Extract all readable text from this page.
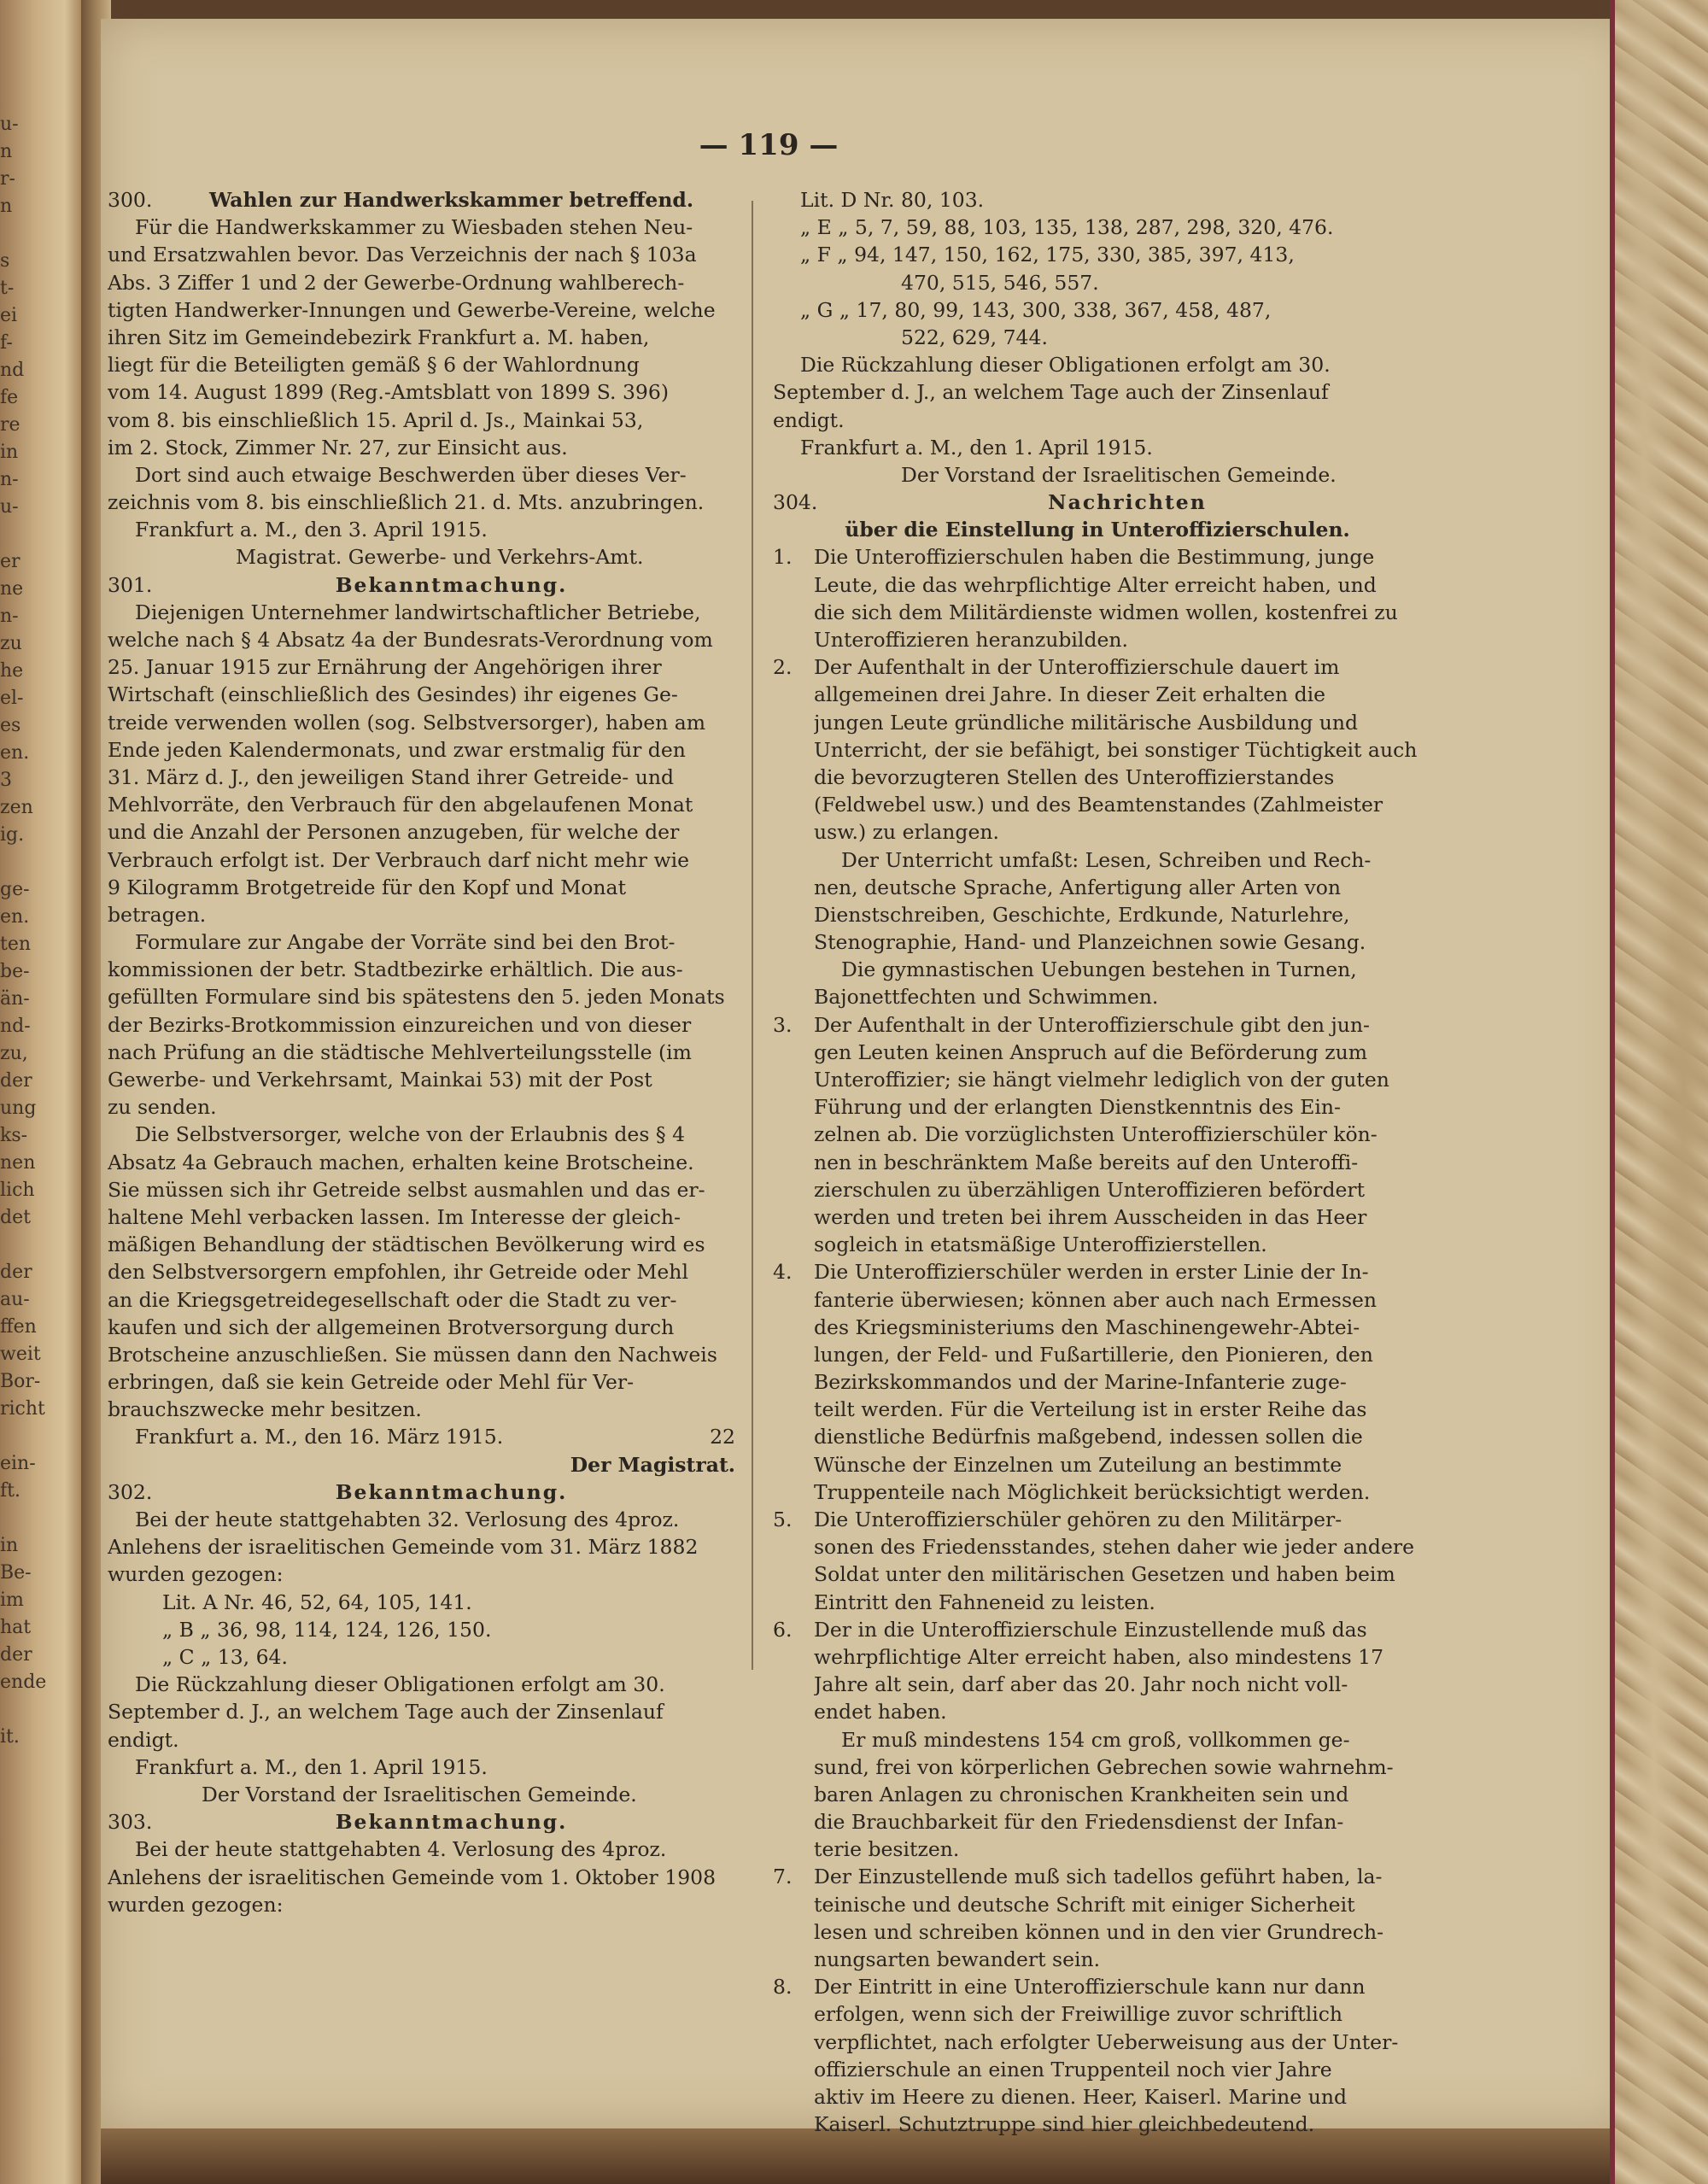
u-
n
r-
n
s
t-
ei
f-
nd
fe
re
in
n-
u-
er
ne
n-
zu
he
el-
es
en.
3
zen
ig.
ge-
en.
ten
be-
än-
nd-
zu,
der
ung
ks-
nen
lich
det
der
au-
ffen
weit
Bor-
richt
ein-
ft.
in
Be-
im
hat
der
ende
it.
— 119 —
300.	Wahlen zur Handwerkskammer betreffend.
Für die Handwerkskammer zu Wiesbaden stehen Neu-
und Ersatzwahlen bevor. Das Verzeichnis der nach § 103a
Abs. 3 Ziffer 1 und 2 der Gewerbe-Ordnung wahlberech-
tigten Handwerker-Innungen und Gewerbe-Vereine, welche
ihren Sitz im Gemeindebezirk Frankfurt a. M. haben,
liegt für die Beteiligten gemäß § 6 der Wahlordnung
vom 14. August 1899 (Reg.-Amtsblatt von 1899 S. 396)
vom 8. bis einschließlich 15. April d. Js., Mainkai 53,
im 2. Stock, Zimmer Nr. 27, zur Einsicht aus.
Dort sind auch etwaige Beschwerden über dieses Ver-
zeichnis vom 8. bis einschließlich 21. d. Mts. anzubringen.
Frankfurt a. M., den 3. April 1915.
Magistrat. Gewerbe- und Verkehrs-Amt.
301.	Bekanntmachung.
Diejenigen Unternehmer landwirtschaftlicher Betriebe,
welche nach § 4 Absatz 4a der Bundesrats-Verordnung vom
25. Januar 1915 zur Ernährung der Angehörigen ihrer
Wirtschaft (einschließlich des Gesindes) ihr eigenes Ge-
treide verwenden wollen (sog. Selbstversorger), haben am
Ende jeden Kalendermonats, und zwar erstmalig für den
31. März d. J., den jeweiligen Stand ihrer Getreide- und
Mehlvorräte, den Verbrauch für den abgelaufenen Monat
und die Anzahl der Personen anzugeben, für welche der
Verbrauch erfolgt ist. Der Verbrauch darf nicht mehr wie
9 Kilogramm Brotgetreide für den Kopf und Monat
betragen.
Formulare zur Angabe der Vorräte sind bei den Brot-
kommissionen der betr. Stadtbezirke erhältlich. Die aus-
gefüllten Formulare sind bis spätestens den 5. jeden Monats
der Bezirks-Brotkommission einzureichen und von dieser
nach Prüfung an die städtische Mehlverteilungsstelle (im
Gewerbe- und Verkehrsamt, Mainkai 53) mit der Post
zu senden.
Die Selbstversorger, welche von der Erlaubnis des § 4
Absatz 4a Gebrauch machen, erhalten keine Brotscheine.
Sie müssen sich ihr Getreide selbst ausmahlen und das er-
haltene Mehl verbacken lassen. Im Interesse der gleich-
mäßigen Behandlung der städtischen Bevölkerung wird es
den Selbstversorgern empfohlen, ihr Getreide oder Mehl
an die Kriegsgetreidegesellschaft oder die Stadt zu ver-
kaufen und sich der allgemeinen Brotversorgung durch
Brotscheine anzuschließen. Sie müssen dann den Nachweis
erbringen, daß sie kein Getreide oder Mehl für Ver-
brauchszwecke mehr besitzen.
Frankfurt a. M., den 16. März 1915.	22
Der Magistrat.
302.	Bekanntmachung.
Bei der heute stattgehabten 32. Verlosung des 4proz.
Anlehens der israelitischen Gemeinde vom 31. März 1882
wurden gezogen:
Lit. A Nr. 46, 52, 64, 105, 141.
„ B „ 36, 98, 114, 124, 126, 150.
„ C „ 13, 64.
Die Rückzahlung dieser Obligationen erfolgt am 30.
September d. J., an welchem Tage auch der Zinsenlauf
endigt.
Frankfurt a. M., den 1. April 1915.
Der Vorstand der Israelitischen Gemeinde.
303.	Bekanntmachung.
Bei der heute stattgehabten 4. Verlosung des 4proz.
Anlehens der israelitischen Gemeinde vom 1. Oktober 1908
wurden gezogen:
Lit. D Nr. 80, 103.
„ E „ 5, 7, 59, 88, 103, 135, 138, 287, 298, 320, 476.
„ F „ 94, 147, 150, 162, 175, 330, 385, 397, 413,
470, 515, 546, 557.
„ G „ 17, 80, 99, 143, 300, 338, 367, 458, 487,
522, 629, 744.
Die Rückzahlung dieser Obligationen erfolgt am 30.
September d. J., an welchem Tage auch der Zinsenlauf
endigt.
Frankfurt a. M., den 1. April 1915.
Der Vorstand der Israelitischen Gemeinde.
304.	Nachrichten
über die Einstellung in Unteroffizierschulen.
1.	Die Unteroffizierschulen haben die Bestimmung, junge
Leute, die das wehrpflichtige Alter erreicht haben, und
die sich dem Militärdienste widmen wollen, kostenfrei zu
Unteroffizieren heranzubilden.
2.	Der Aufenthalt in der Unteroffizierschule dauert im
allgemeinen drei Jahre. In dieser Zeit erhalten die
jungen Leute gründliche militärische Ausbildung und
Unterricht, der sie befähigt, bei sonstiger Tüchtigkeit auch
die bevorzugteren Stellen des Unteroffizierstandes
(Feldwebel usw.) und des Beamtenstandes (Zahlmeister
usw.) zu erlangen.
Der Unterricht umfaßt: Lesen, Schreiben und Rech-
nen, deutsche Sprache, Anfertigung aller Arten von
Dienstschreiben, Geschichte, Erdkunde, Naturlehre,
Stenographie, Hand- und Planzeichnen sowie Gesang.
Die gymnastischen Uebungen bestehen in Turnen,
Bajonettfechten und Schwimmen.
3.	Der Aufenthalt in der Unteroffizierschule gibt den jun-
gen Leuten keinen Anspruch auf die Beförderung zum
Unteroffizier; sie hängt vielmehr lediglich von der guten
Führung und der erlangten Dienstkenntnis des Ein-
zelnen ab. Die vorzüglichsten Unteroffizierschüler kön-
nen in beschränktem Maße bereits auf den Unteroffi-
zierschulen zu überzähligen Unteroffizieren befördert
werden und treten bei ihrem Ausscheiden in das Heer
sogleich in etatsmäßige Unteroffizierstellen.
4.	Die Unteroffizierschüler werden in erster Linie der In-
fanterie überwiesen; können aber auch nach Ermessen
des Kriegsministeriums den Maschinengewehr-Abtei-
lungen, der Feld- und Fußartillerie, den Pionieren, den
Bezirkskommandos und der Marine-Infanterie zuge-
teilt werden. Für die Verteilung ist in erster Reihe das
dienstliche Bedürfnis maßgebend, indessen sollen die
Wünsche der Einzelnen um Zuteilung an bestimmte
Truppenteile nach Möglichkeit berücksichtigt werden.
5.	Die Unteroffizierschüler gehören zu den Militärper-
sonen des Friedensstandes, stehen daher wie jeder andere
Soldat unter den militärischen Gesetzen und haben beim
Eintritt den Fahneneid zu leisten.
6.	Der in die Unteroffizierschule Einzustellende muß das
wehrpflichtige Alter erreicht haben, also mindestens 17
Jahre alt sein, darf aber das 20. Jahr noch nicht voll-
endet haben.
Er muß mindestens 154 cm groß, vollkommen ge-
sund, frei von körperlichen Gebrechen sowie wahrnehm-
baren Anlagen zu chronischen Krankheiten sein und
die Brauchbarkeit für den Friedensdienst der Infan-
terie besitzen.
7.	Der Einzustellende muß sich tadellos geführt haben, la-
teinische und deutsche Schrift mit einiger Sicherheit
lesen und schreiben können und in den vier Grundrech-
nungsarten bewandert sein.
8.	Der Eintritt in eine Unteroffizierschule kann nur dann
erfolgen, wenn sich der Freiwillige zuvor schriftlich
verpflichtet, nach erfolgter Ueberweisung aus der Unter-
offizierschule an einen Truppenteil noch vier Jahre
aktiv im Heere zu dienen. Heer, Kaiserl. Marine und
Kaiserl. Schutztruppe sind hier gleichbedeutend.
